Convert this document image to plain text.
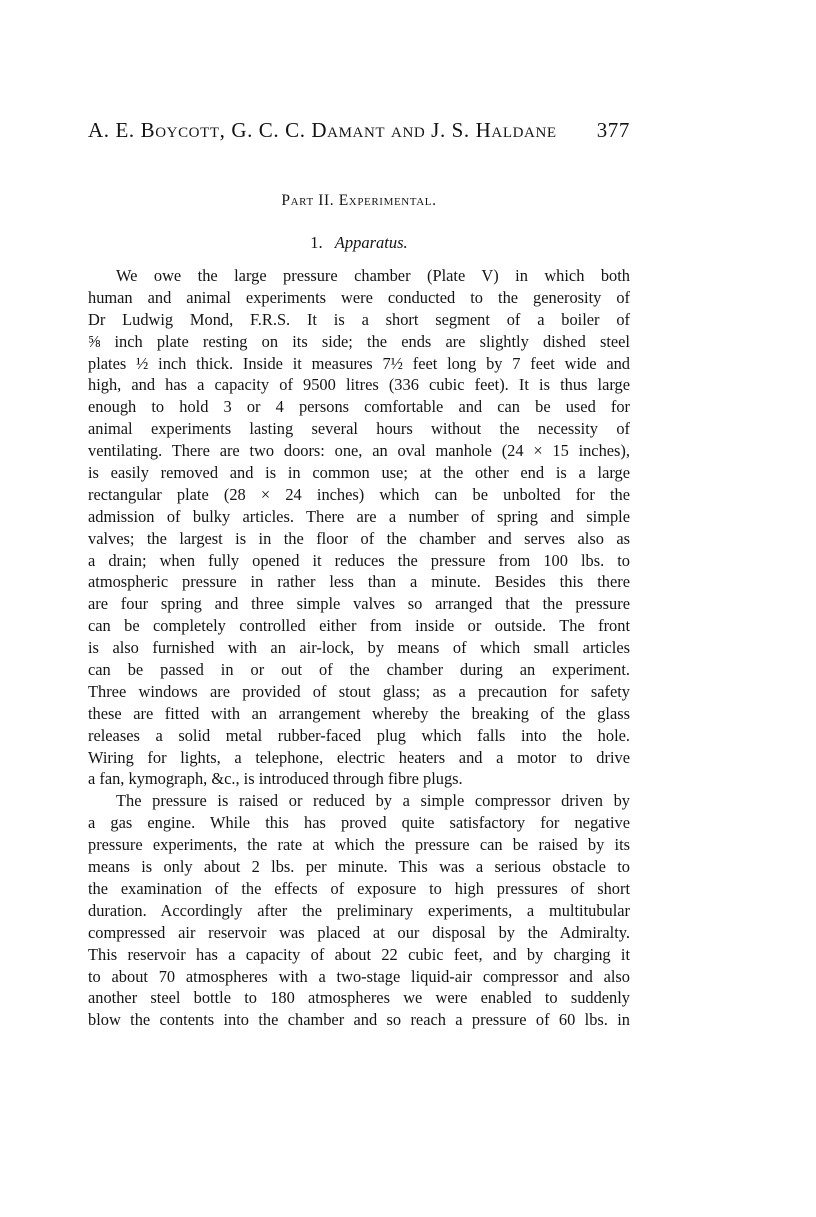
A. E. Boycott, G. C. C. Damant and J. S. Haldane 377
Part II. Experimental.
1. Apparatus.
We owe the large pressure chamber (Plate V) in which both
human and animal experiments were conducted to the generosity of
Dr Ludwig Mond, F.R.S. It is a short segment of a boiler of
⅝ inch plate resting on its side; the ends are slightly dished steel
plates ½ inch thick. Inside it measures 7½ feet long by 7 feet wide and
high, and has a capacity of 9500 litres (336 cubic feet). It is thus large
enough to hold 3 or 4 persons comfortable and can be used for
animal experiments lasting several hours without the necessity of
ventilating. There are two doors: one, an oval manhole (24 × 15 inches),
is easily removed and is in common use; at the other end is a large
rectangular plate (28 × 24 inches) which can be unbolted for the
admission of bulky articles. There are a number of spring and simple
valves; the largest is in the floor of the chamber and serves also as
a drain; when fully opened it reduces the pressure from 100 lbs. to
atmospheric pressure in rather less than a minute. Besides this there
are four spring and three simple valves so arranged that the pressure
can be completely controlled either from inside or outside. The front
is also furnished with an air-lock, by means of which small articles
can be passed in or out of the chamber during an experiment.
Three windows are provided of stout glass; as a precaution for safety
these are fitted with an arrangement whereby the breaking of the glass
releases a solid metal rubber-faced plug which falls into the hole.
Wiring for lights, a telephone, electric heaters and a motor to drive
a fan, kymograph, &c., is introduced through fibre plugs.
The pressure is raised or reduced by a simple compressor driven by
a gas engine. While this has proved quite satisfactory for negative
pressure experiments, the rate at which the pressure can be raised by its
means is only about 2 lbs. per minute. This was a serious obstacle to
the examination of the effects of exposure to high pressures of short
duration. Accordingly after the preliminary experiments, a multitubular
compressed air reservoir was placed at our disposal by the Admiralty.
This reservoir has a capacity of about 22 cubic feet, and by charging it
to about 70 atmospheres with a two-stage liquid-air compressor and also
another steel bottle to 180 atmospheres we were enabled to suddenly
blow the contents into the chamber and so reach a pressure of 60 lbs. in
